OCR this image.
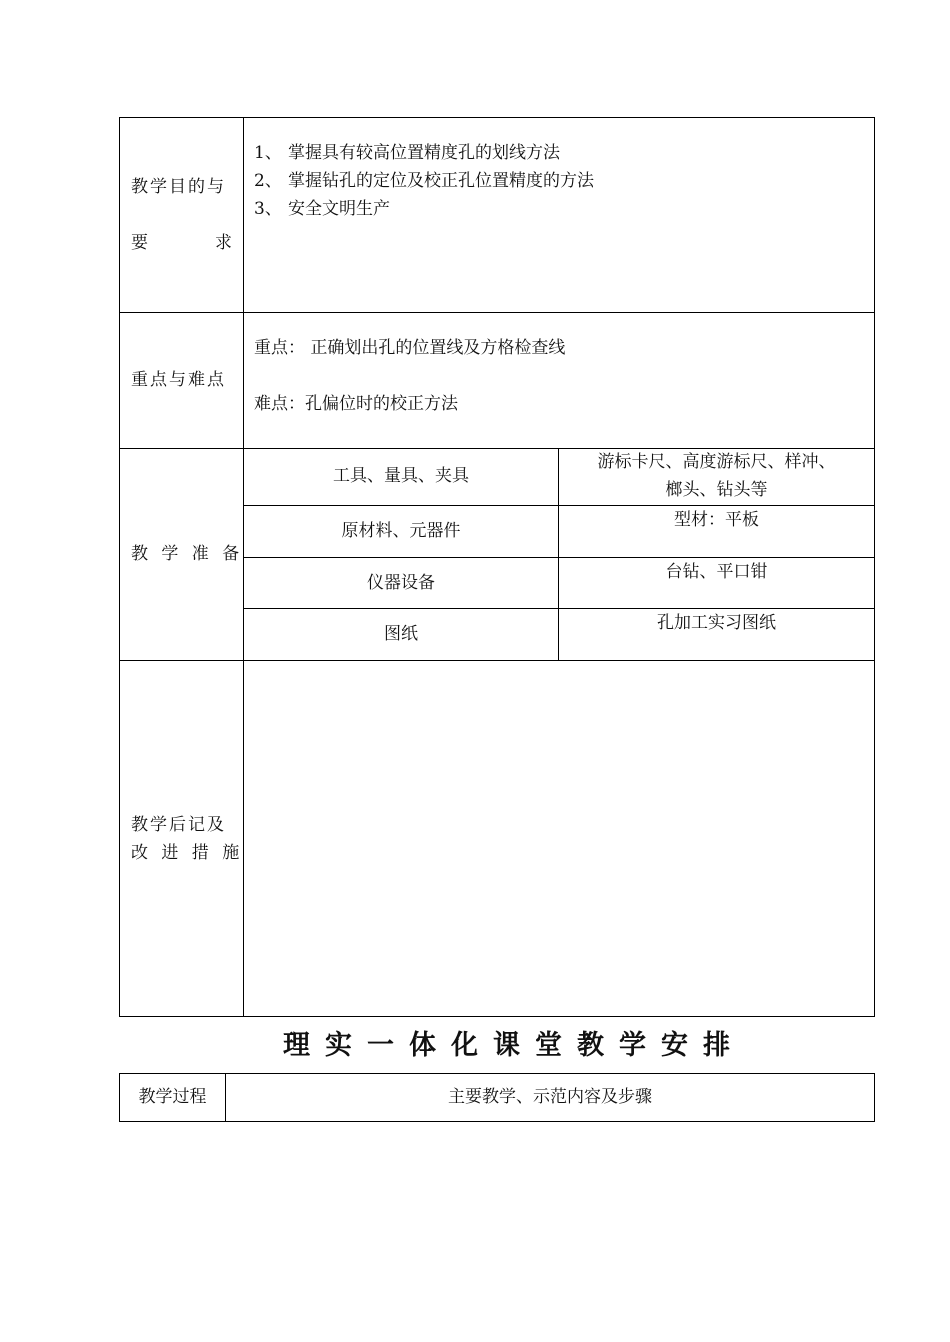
教学目的与
要	求
1、 掌握具有较高位置精度孔的划线方法
2、 掌握钻孔的定位及校正孔位置精度的方法
3、 安全文明生产
重点与难点
重点： 正确划出孔的位置线及方格检查线
难点：孔偏位时的校正方法
教 学 准 备
工具、量具、夹具
游标卡尺、高度游标尺、样冲、
榔头、钻头等
原材料、元器件
型材：平板
仪器设备
台钻、平口钳
图纸
孔加工实习图纸
教学后记及
改 进 措 施
理实一体化课堂教学安排
教学过程	主要教学、示范内容及步骤
